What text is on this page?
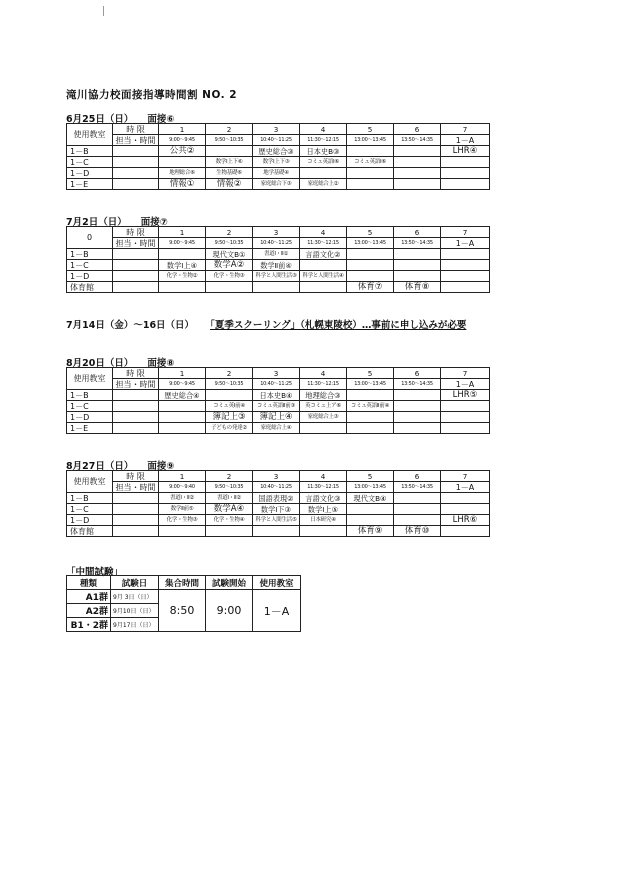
滝川協力校面接指導時間割 NO. 2
6月25日（日） 面接⑥
使用教室	時 限	1	2	3	4	5	6	7
	担当・時間	9:00～9:45	9:50～10:35	10:40～11:25	11:30～12:15	13:00～13:45	13:50～14:35	1－A
1－B		公共②		歴史総合③	日本史B③			LHR④
1－C			数学Ⅰ上下⑥	数学Ⅰ上下③	コミュ英語Ⅰ⑥	コミュ英語Ⅰ⑥		
1－D		地理総合⑥	生物基礎⑥	地学基礎④				
1－E		情報①	情報②	家庭総合下③	家庭総合上②			
7月2日（日） 面接⑦
0	時 限	1	2	3	4	5	6	7
	担当・時間	9:00～9:45	9:50～10:35	10:40～11:25	11:30～12:15	13:00～13:45	13:50～14:35	1－A
1－B			現代文B①	書道Ⅰ・Ⅱ①	言語文化②			
1－C		数学Ⅰ上④	数学A②	数学Ⅱ前④				
1－D		化学・生物②	化学・生物③	科学と人間生活③	科学と人間生活④			
体育館						体育⑦	体育⑧	
7月14日（金）～16日（日） 「夏季スクーリング」（札幌東陵校）…事前に申し込みが必要
8月20日（日） 面接⑧
使用教室	時 限	1	2	3	4	5	6	7
	担当・時間	9:00～9:45	9:50～10:35	10:40～11:25	11:30～12:15	13:00～13:45	13:50～14:35	1－A
1－B		歴史総合④		日本史B④	地理総合③			LHR⑤
1－C			コミュ英Ⅰ前④	コミュ英語Ⅱ前③	英コミュ上ア⑥	コミュ英語Ⅱ前④		
1－D			簿記上③	簿記上④	家庭総合上③			
1－E			子どもの発達②	家庭総合上④				
8月27日（日） 面接⑨
使用教室	時 限	1	2	3	4	5	6	7
	担当・時間	9:00～9:40	9:50～10:35	10:40～11:25	11:30～12:15	13:00～13:45	13:50～14:35	1－A
1－B		書道Ⅰ・Ⅱ②	書道Ⅰ・Ⅱ②	国語表現②	言語文化③	現代文B④		
1－C		数学Ⅱ前⑤	数学A④	数学Ⅰ下③	数学Ⅰ上⑤			
1－D		化学・生物③	化学・生物④	科学と人間生活⑤	日本研究④			LHR⑥
体育館						体育⑨	体育⑩	
「中間試験」
種類	試験日	集合時間	試験開始	使用教室
A1群	9月 3日（日）	8:50	9:00	1－A
A2群	9月10日（日）			
B1・2群	9月17日（日）			
